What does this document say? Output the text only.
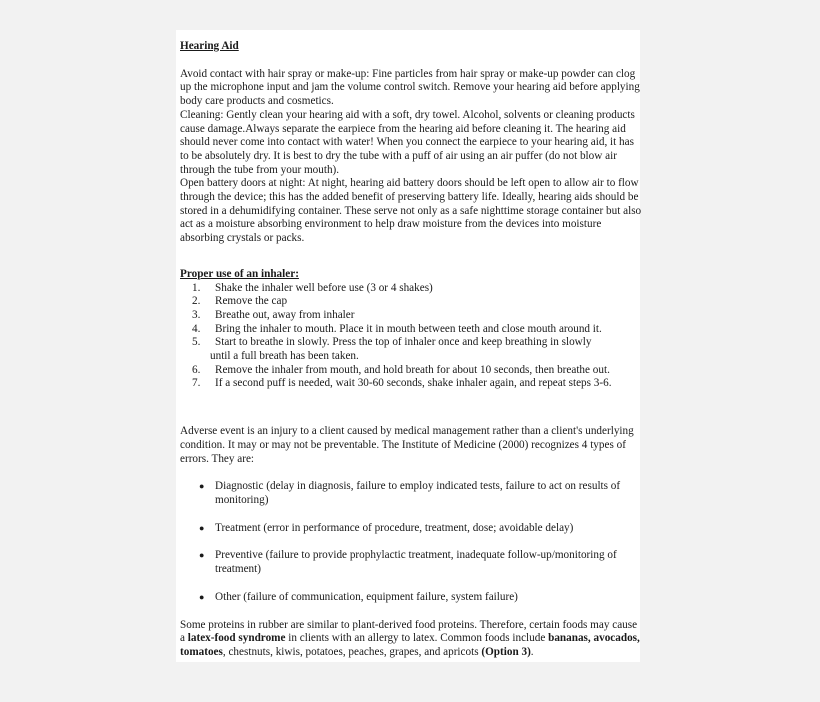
Hearing Aid

Avoid contact with hair spray or make-up: Fine particles from hair spray or make-up powder can clog up the microphone input and jam the volume control switch. Remove your hearing aid before applying body care products and cosmetics.

Cleaning: Gently clean your hearing aid with a soft, dry towel. Alcohol, solvents or cleaning products cause damage.Always separate the earpiece from the hearing aid before cleaning it. The hearing aid should never come into contact with water! When you connect the earpiece to your hearing aid, it has to be absolutely dry. It is best to dry the tube with a puff of air using an air puffer (do not blow air through the tube from your mouth).

Open battery doors at night: At night, hearing aid battery doors should be left open to allow air to flow through the device; this has the added benefit of preserving battery life. Ideally, hearing aids should be stored in a dehumidifying container. These serve not only as a safe nighttime storage container but also act as a moisture absorbing environment to help draw moisture from the devices into moisture absorbing crystals or packs.

Proper use of an inhaler:

1. Shake the inhaler well before use (3 or 4 shakes)
2. Remove the cap
3. Breathe out, away from inhaler
4. Bring the inhaler to mouth. Place it in mouth between teeth and close mouth around it.
5. Start to breathe in slowly. Press the top of inhaler once and keep breathing in slowly
until a full breath has been taken.
6. Remove the inhaler from mouth, and hold breath for about 10 seconds, then breathe out.
7. If a second puff is needed, wait 30-60 seconds, shake inhaler again, and repeat steps 3-6.

Adverse event is an injury to a client caused by medical management rather than a client's underlying condition. It may or may not be preventable. The Institute of Medicine (2000) recognizes 4 types of errors. They are:

● Diagnostic (delay in diagnosis, failure to employ indicated tests, failure to act on results of monitoring)
● Treatment (error in performance of procedure, treatment, dose; avoidable delay)
● Preventive (failure to provide prophylactic treatment, inadequate follow-up/monitoring of treatment)
● Other (failure of communication, equipment failure, system failure)

Some proteins in rubber are similar to plant-derived food proteins. Therefore, certain foods may cause a latex-food syndrome in clients with an allergy to latex. Common foods include bananas, avocados, tomatoes, chestnuts, kiwis, potatoes, peaches, grapes, and apricots (Option 3).
